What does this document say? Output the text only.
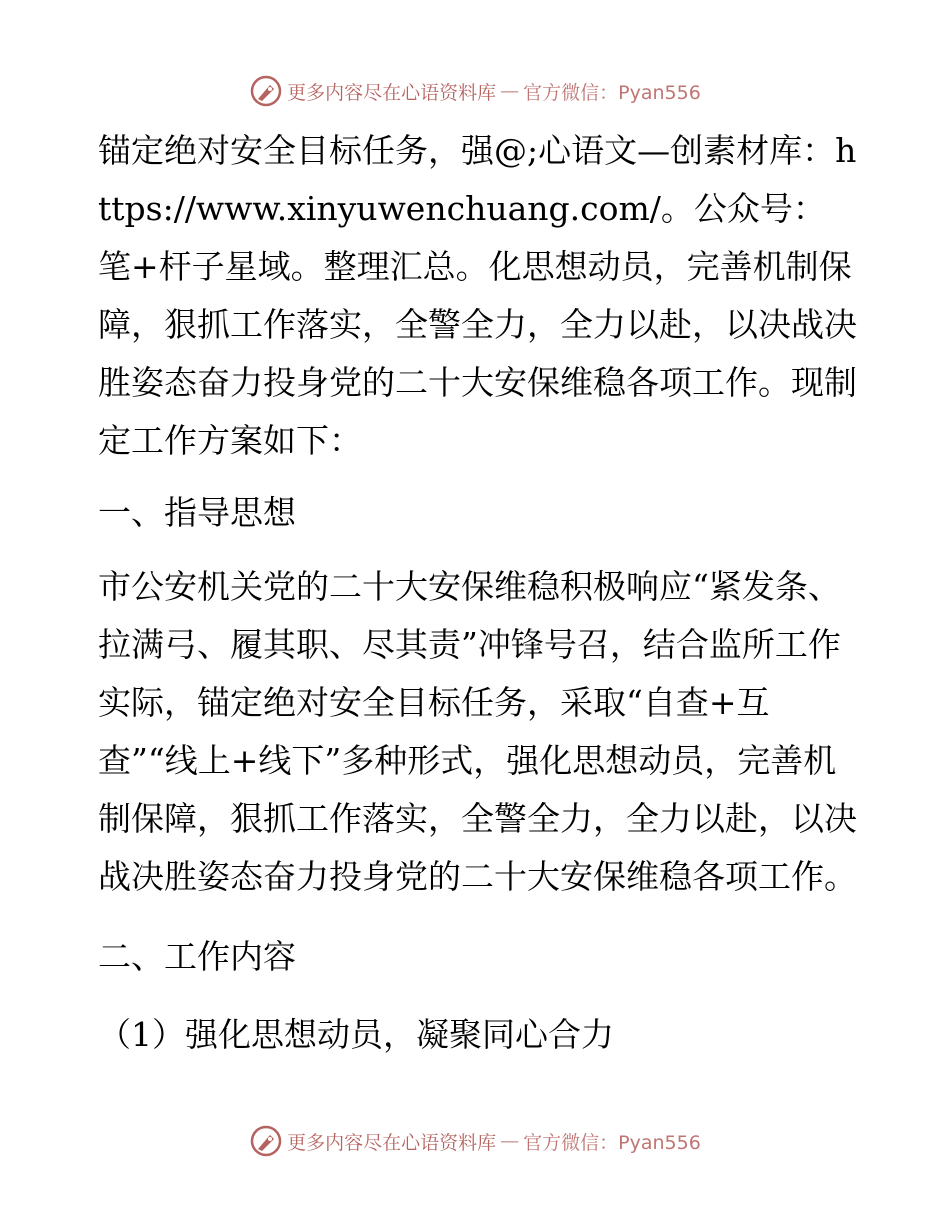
更多内容尽在心语资料库 — 官方微信：Pyan556

锚定绝对安全目标任务，强@;心语文—创素材库：https://www.xinyuwenchuang.com/。公众号：笔+杆子星域。整理汇总。化思想动员，完善机制保障，狠抓工作落实，全警全力，全力以赴，以决战决胜姿态奋力投身党的二十大安保维稳各项工作。现制定工作方案如下：

一、指导思想

市公安机关党的二十大安保维稳积极响应“紧发条、拉满弓、履其职、尽其责”冲锋号召，结合监所工作实际，锚定绝对安全目标任务，采取“自查+互查”“线上+线下”多种形式，强化思想动员，完善机制保障，狠抓工作落实，全警全力，全力以赴，以决战决胜姿态奋力投身党的二十大安保维稳各项工作。

二、工作内容

（1）强化思想动员，凝聚同心合力

更多内容尽在心语资料库 — 官方微信：Pyan556
